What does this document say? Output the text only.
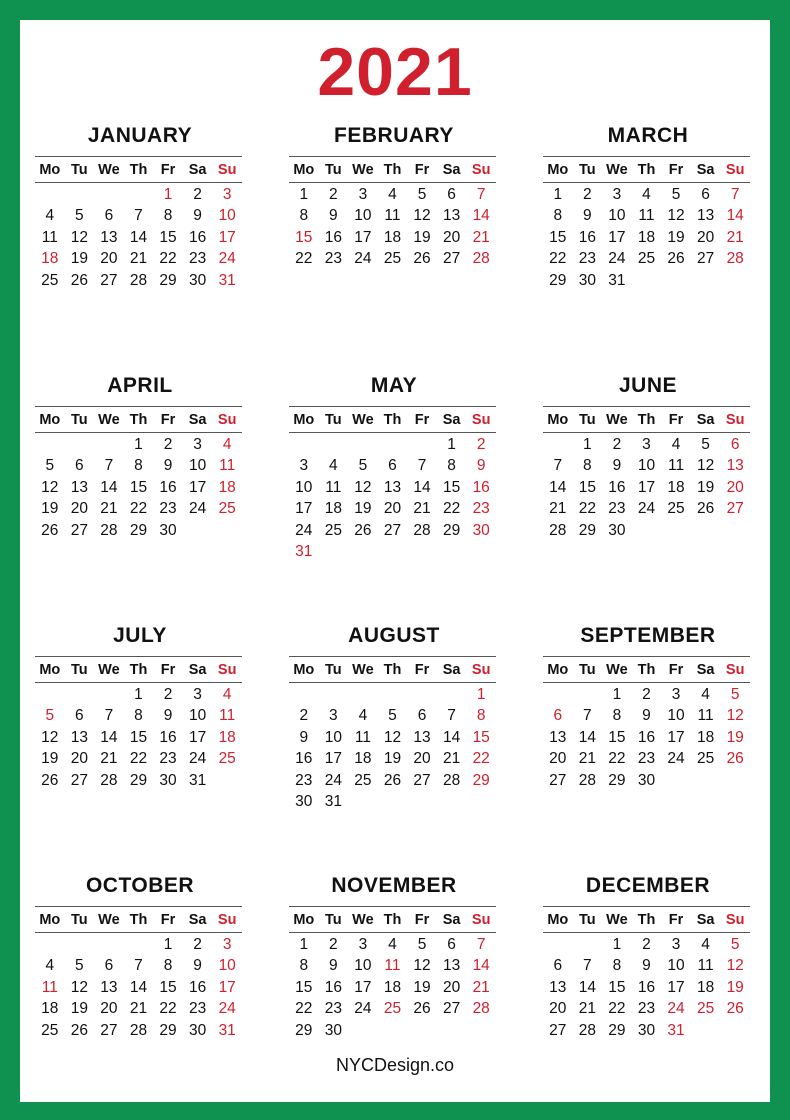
2021
JANUARY
Mo	Tu	We	Th	Fr	Sa	Su

				1	2	3
4	5	6	7	8	9	10
11	12	13	14	15	16	17
18	19	20	21	22	23	24
25	26	27	28	29	30	31
FEBRUARY
Mo	Tu	We	Th	Fr	Sa	Su

1	2	3	4	5	6	7
8	9	10	11	12	13	14
15	16	17	18	19	20	21
22	23	24	25	26	27	28
MARCH
Mo	Tu	We	Th	Fr	Sa	Su

1	2	3	4	5	6	7
8	9	10	11	12	13	14
15	16	17	18	19	20	21
22	23	24	25	26	27	28
29	30	31				
APRIL
Mo	Tu	We	Th	Fr	Sa	Su

			1	2	3	4
5	6	7	8	9	10	11
12	13	14	15	16	17	18
19	20	21	22	23	24	25
26	27	28	29	30		
MAY
Mo	Tu	We	Th	Fr	Sa	Su

					1	2
3	4	5	6	7	8	9
10	11	12	13	14	15	16
17	18	19	20	21	22	23
24	25	26	27	28	29	30
31						
JUNE
Mo	Tu	We	Th	Fr	Sa	Su

	1	2	3	4	5	6
7	8	9	10	11	12	13
14	15	16	17	18	19	20
21	22	23	24	25	26	27
28	29	30				
JULY
Mo	Tu	We	Th	Fr	Sa	Su

			1	2	3	4
5	6	7	8	9	10	11
12	13	14	15	16	17	18
19	20	21	22	23	24	25
26	27	28	29	30	31	
AUGUST
Mo	Tu	We	Th	Fr	Sa	Su

						1
2	3	4	5	6	7	8
9	10	11	12	13	14	15
16	17	18	19	20	21	22
23	24	25	26	27	28	29
30	31					
SEPTEMBER
Mo	Tu	We	Th	Fr	Sa	Su

		1	2	3	4	5
6	7	8	9	10	11	12
13	14	15	16	17	18	19
20	21	22	23	24	25	26
27	28	29	30			
OCTOBER
Mo	Tu	We	Th	Fr	Sa	Su

				1	2	3
4	5	6	7	8	9	10
11	12	13	14	15	16	17
18	19	20	21	22	23	24
25	26	27	28	29	30	31
NOVEMBER
Mo	Tu	We	Th	Fr	Sa	Su

1	2	3	4	5	6	7
8	9	10	11	12	13	14
15	16	17	18	19	20	21
22	23	24	25	26	27	28
29	30					
DECEMBER
Mo	Tu	We	Th	Fr	Sa	Su

		1	2	3	4	5
6	7	8	9	10	11	12
13	14	15	16	17	18	19
20	21	22	23	24	25	26
27	28	29	30	31		
NYCDesign.co
